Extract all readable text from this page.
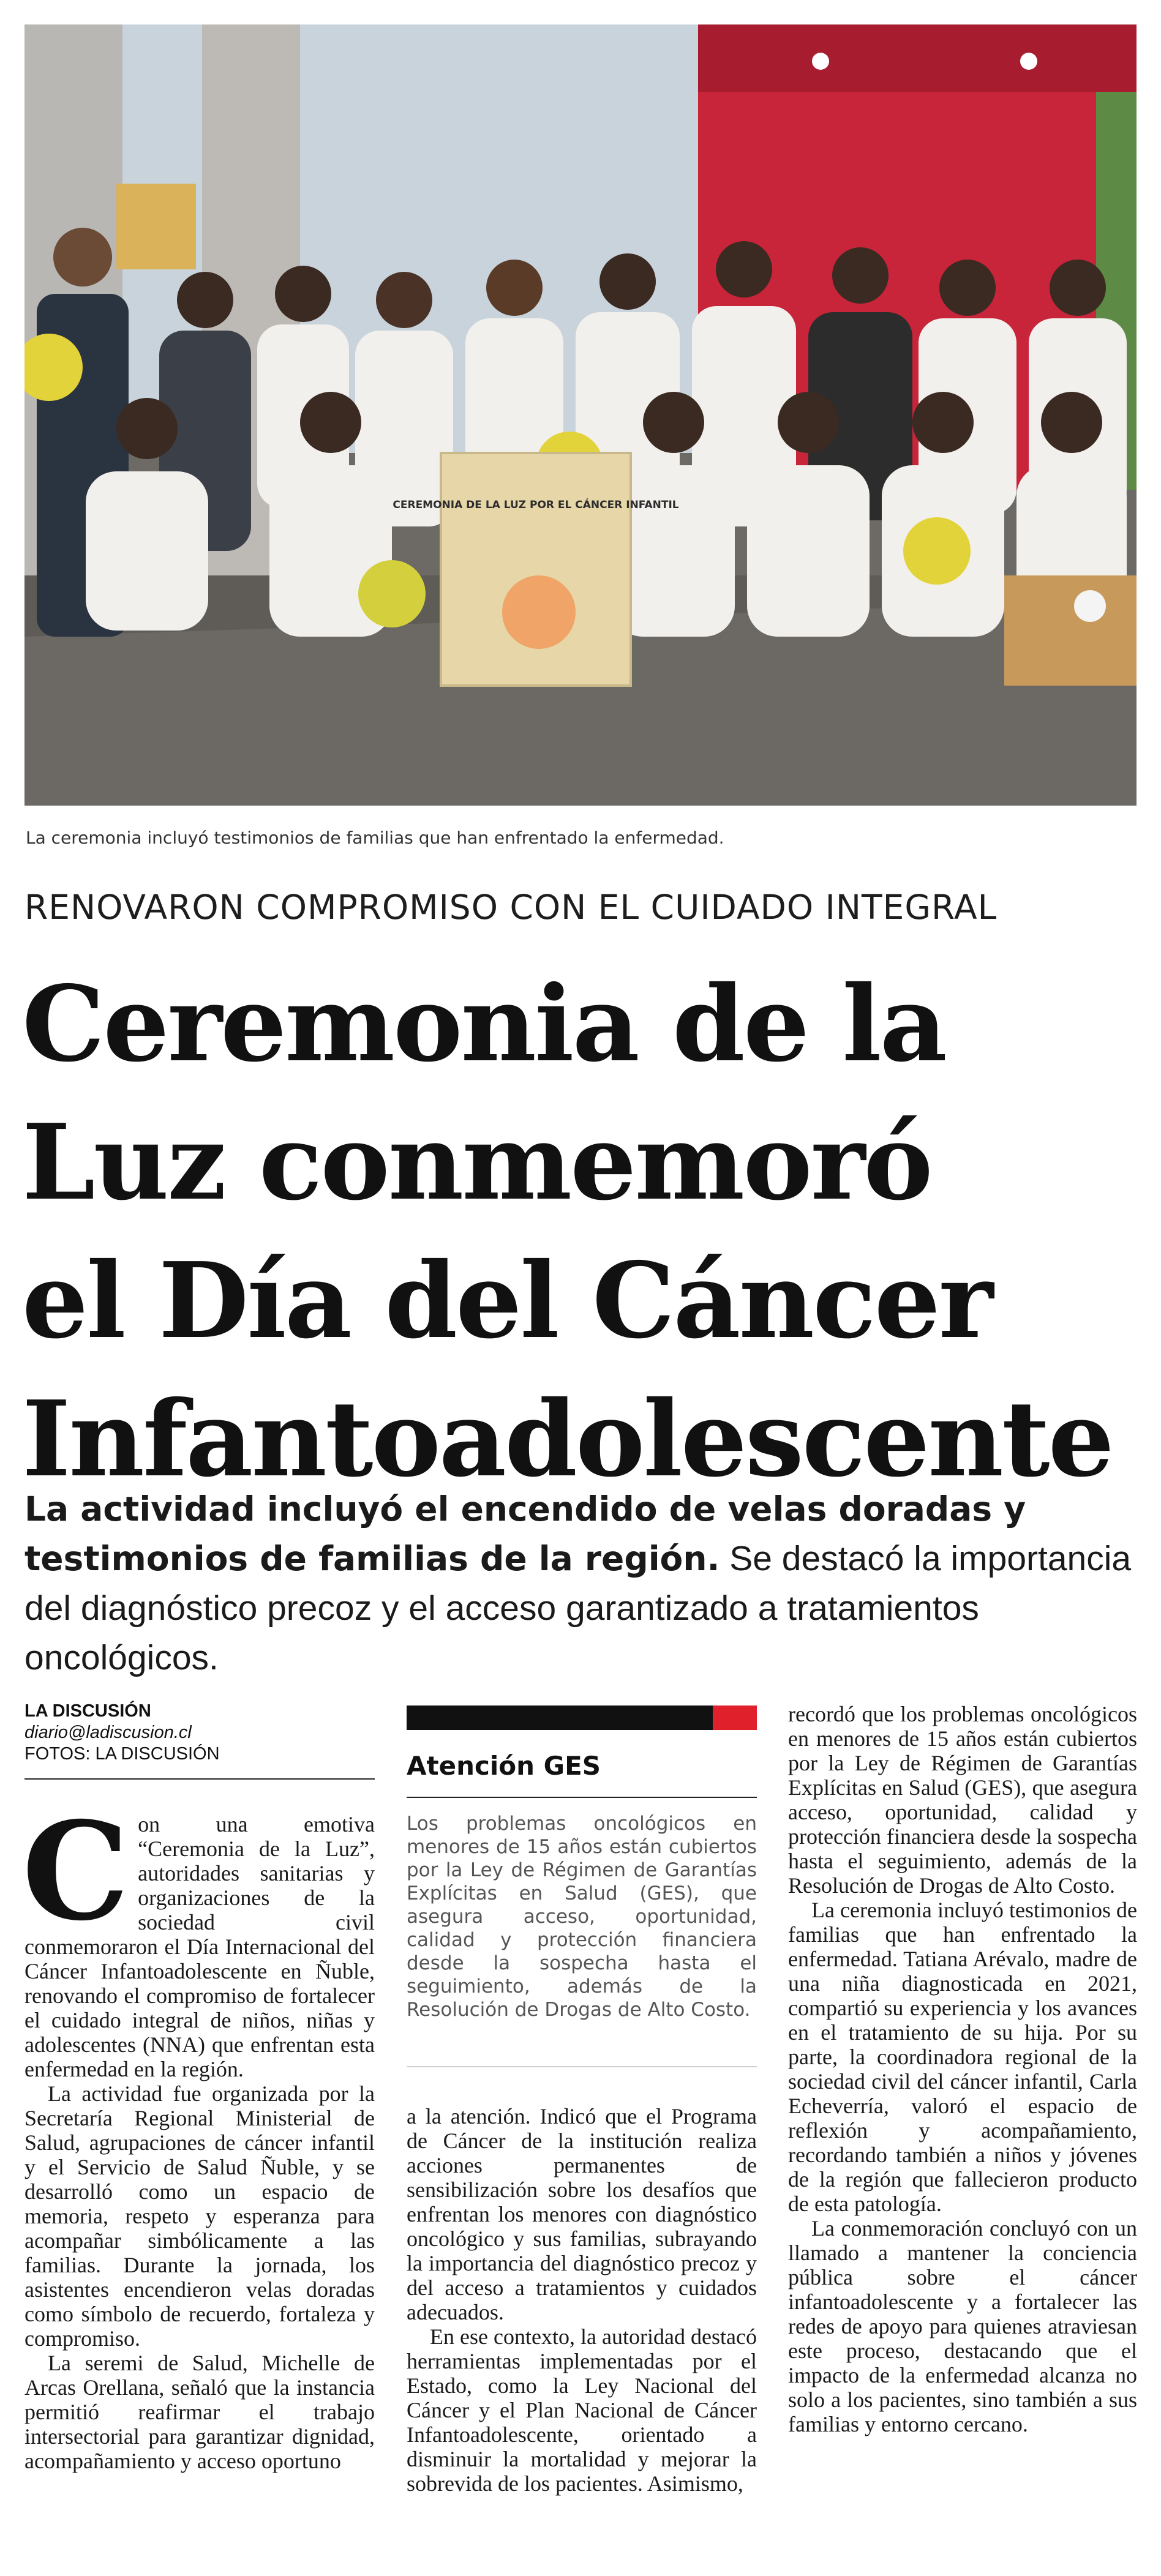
CEREMONIA DE LA LUZ POR EL CÁNCER INFANTIL
La ceremonia incluyó testimonios de familias que han enfrentado la enfermedad.
RENOVARON COMPROMISO CON EL CUIDADO INTEGRAL
Ceremonia de la
Luz conmemoró
el Día del Cáncer
Infantoadolescente
La actividad incluyó el encendido de velas doradas y testimonios de familias de la región. Se destacó la importancia del diagnóstico precoz y el acceso garantizado a tratamientos oncológicos.
LA DISCUSIÓN
diario@ladiscusion.cl
FOTOS: LA DISCUSIÓN

Con una emotiva “Ceremonia de la Luz”, autoridades sanitarias y organizaciones de la sociedad civil conmemoraron el Día Internacional del Cáncer Infantoadolescente en Ñuble, renovando el compromiso de fortalecer el cuidado integral de niños, niñas y adolescentes (NNA) que enfrentan esta enfermedad en la región.

La actividad fue organizada por la Secretaría Regional Ministerial de Salud, agrupaciones de cáncer infantil y el Servicio de Salud Ñuble, y se desarrolló como un espacio de memoria, respeto y esperanza para acompañar simbólicamente a las familias. Durante la jornada, los asistentes encendieron velas doradas como símbolo de recuerdo, fortaleza y compromiso.

La seremi de Salud, Michelle de Arcas Orellana, señaló que la instancia permitió reafirmar el trabajo intersectorial para garantizar dignidad, acompañamiento y acceso oportuno

Atención GES
Los problemas oncológicos en menores de 15 años están cubiertos por la Ley de Régimen de Garantías Explícitas en Salud (GES), que asegura acceso, oportunidad, calidad y protección financiera desde la sospecha hasta el seguimiento, además de la Resolución de Drogas de Alto Costo.

a la atención. Indicó que el Programa de Cáncer de la institución realiza acciones permanentes de sensibilización sobre los desafíos que enfrentan los menores con diagnóstico oncológico y sus familias, subrayando la importancia del diagnóstico precoz y del acceso a tratamientos y cuidados adecuados.

En ese contexto, la autoridad destacó herramientas implementadas por el Estado, como la Ley Nacional del Cáncer y el Plan Nacional de Cáncer Infantoadolescente, orientado a disminuir la mortalidad y mejorar la sobrevida de los pacientes. Asimismo,

recordó que los problemas oncológicos en menores de 15 años están cubiertos por la Ley de Régimen de Garantías Explícitas en Salud (GES), que asegura acceso, oportunidad, calidad y protección financiera desde la sospecha hasta el seguimiento, además de la Resolución de Drogas de Alto Costo.

La ceremonia incluyó testimonios de familias que han enfrentado la enfermedad. Tatiana Arévalo, madre de una niña diagnosticada en 2021, compartió su experiencia y los avances en el tratamiento de su hija. Por su parte, la coordinadora regional de la sociedad civil del cáncer infantil, Carla Echeverría, valoró el espacio de reflexión y acompañamiento, recordando también a niños y jóvenes de la región que fallecieron producto de esta patología.

La conmemoración concluyó con un llamado a mantener la conciencia pública sobre el cáncer infantoadolescente y a fortalecer las redes de apoyo para quienes atraviesan este proceso, destacando que el impacto de la enfermedad alcanza no solo a los pacientes, sino también a sus familias y entorno cercano.
